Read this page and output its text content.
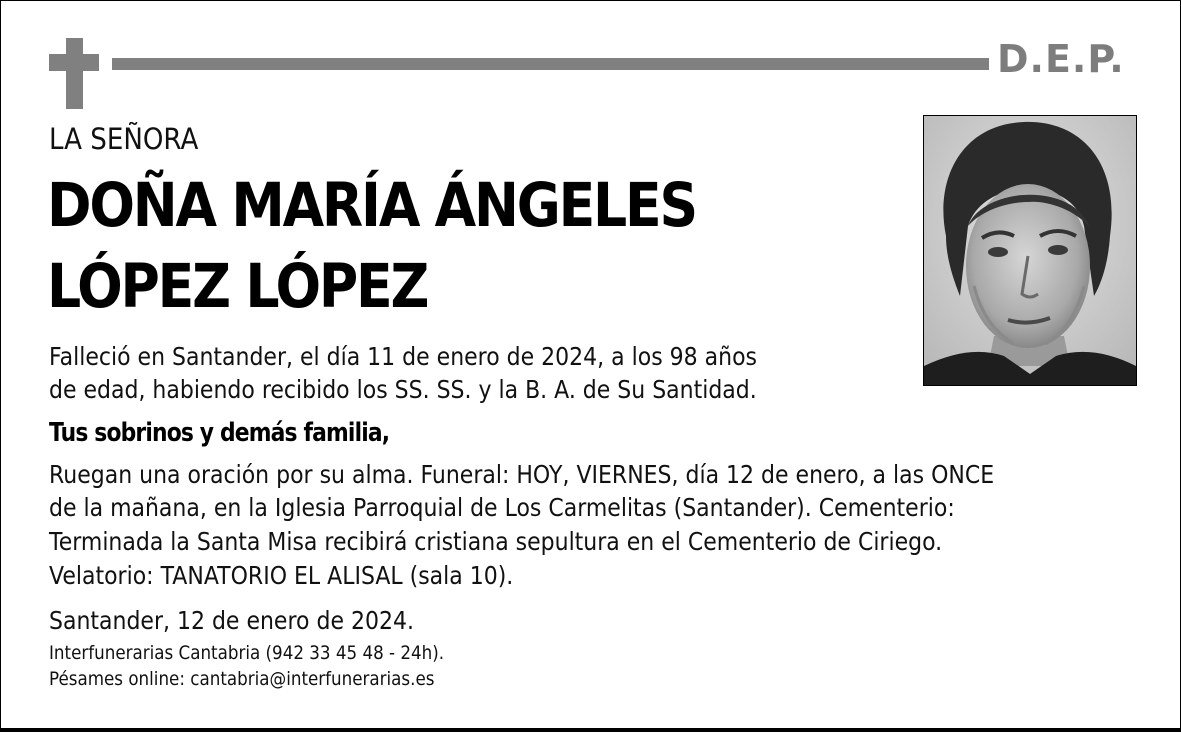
D.E.P.
LA SEÑORA
DOÑA MARÍA ÁNGELES
LÓPEZ LÓPEZ
Falleció en Santander, el día 11 de enero de 2024, a los 98 años
de edad, habiendo recibido los SS. SS. y la B. A. de Su Santidad.
Tus sobrinos y demás familia,
Ruegan una oración por su alma. Funeral: HOY, VIERNES, día 12 de enero, a las ONCE
de la mañana, en la Iglesia Parroquial de Los Carmelitas (Santander). Cementerio:
Terminada la Santa Misa recibirá cristiana sepultura en el Cementerio de Ciriego.
Velatorio: TANATORIO EL ALISAL (sala 10).
Santander, 12 de enero de 2024.
Interfunerarias Cantabria (942 33 45 48 - 24h).
Pésames online: cantabria@interfunerarias.es
